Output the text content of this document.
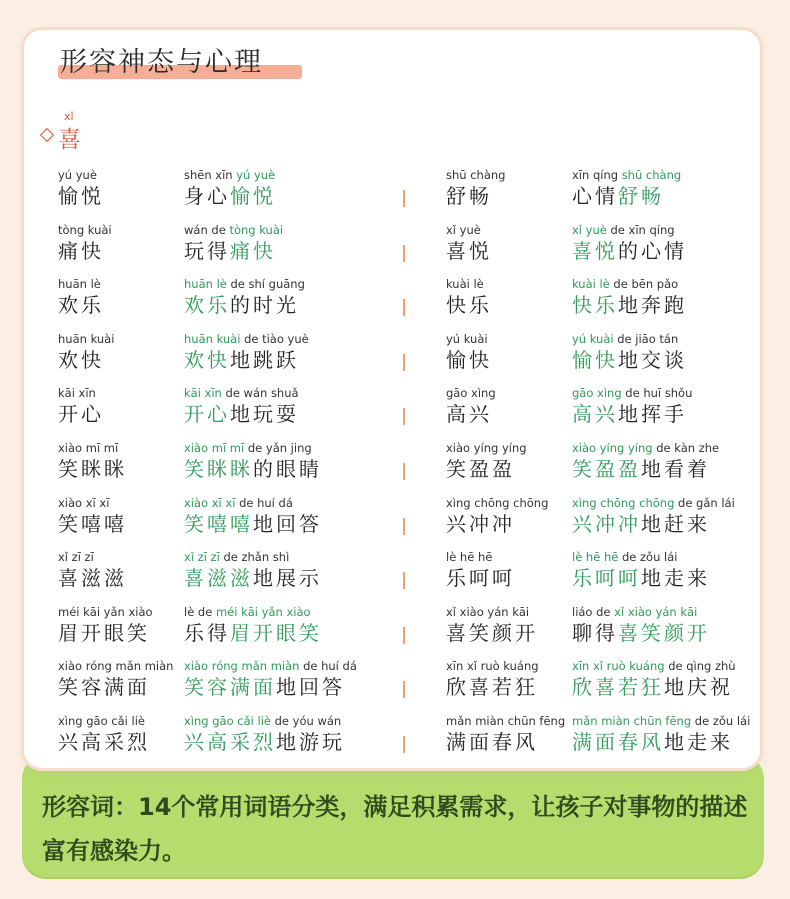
形容词：14个常用词语分类，满足积累需求，让孩子对事物的描述富有感染力。
形容神态与心理
xǐ
喜
yú yuè
愉悦
shēn xīn yú yuè
身心愉悦
shū chàng
舒畅
xīn qíng shū chàng
心情舒畅
tòng kuài
痛快
wán de tòng kuài
玩得痛快
xǐ yuè
喜悦
xǐ yuè de xīn qíng
喜悦的心情
huān lè
欢乐
huān lè de shí guāng
欢乐的时光
kuài lè
快乐
kuài lè de bēn pǎo
快乐地奔跑
huān kuài
欢快
huān kuài de tiào yuè
欢快地跳跃
yú kuài
愉快
yú kuài de jiāo tán
愉快地交谈
kāi xīn
开心
kāi xīn de wán shuǎ
开心地玩耍
gāo xìng
高兴
gāo xìng de huī shǒu
高兴地挥手
xiào mī mī
笑眯眯
xiào mī mī de yǎn jing
笑眯眯的眼睛
xiào yíng yíng
笑盈盈
xiào yíng yíng de kàn zhe
笑盈盈地看着
xiào xī xī
笑嘻嘻
xiào xī xī de huí dá
笑嘻嘻地回答
xìng chōng chōng
兴冲冲
xìng chōng chōng de gǎn lái
兴冲冲地赶来
xǐ zī zī
喜滋滋
xǐ zī zī de zhǎn shì
喜滋滋地展示
lè hē hē
乐呵呵
lè hē hē de zǒu lái
乐呵呵地走来
méi kāi yǎn xiào
眉开眼笑
lè de méi kāi yǎn xiào
乐得眉开眼笑
xǐ xiào yán kāi
喜笑颜开
liáo de xǐ xiào yán kāi
聊得喜笑颜开
xiào róng mǎn miàn
笑容满面
xiào róng mǎn miàn de huí dá
笑容满面地回答
xīn xǐ ruò kuáng
欣喜若狂
xīn xǐ ruò kuáng de qìng zhù
欣喜若狂地庆祝
xìng gāo cǎi liè
兴高采烈
xìng gāo cǎi liè de yóu wán
兴高采烈地游玩
mǎn miàn chūn fēng
满面春风
mǎn miàn chūn fēng de zǒu lái
满面春风地走来
